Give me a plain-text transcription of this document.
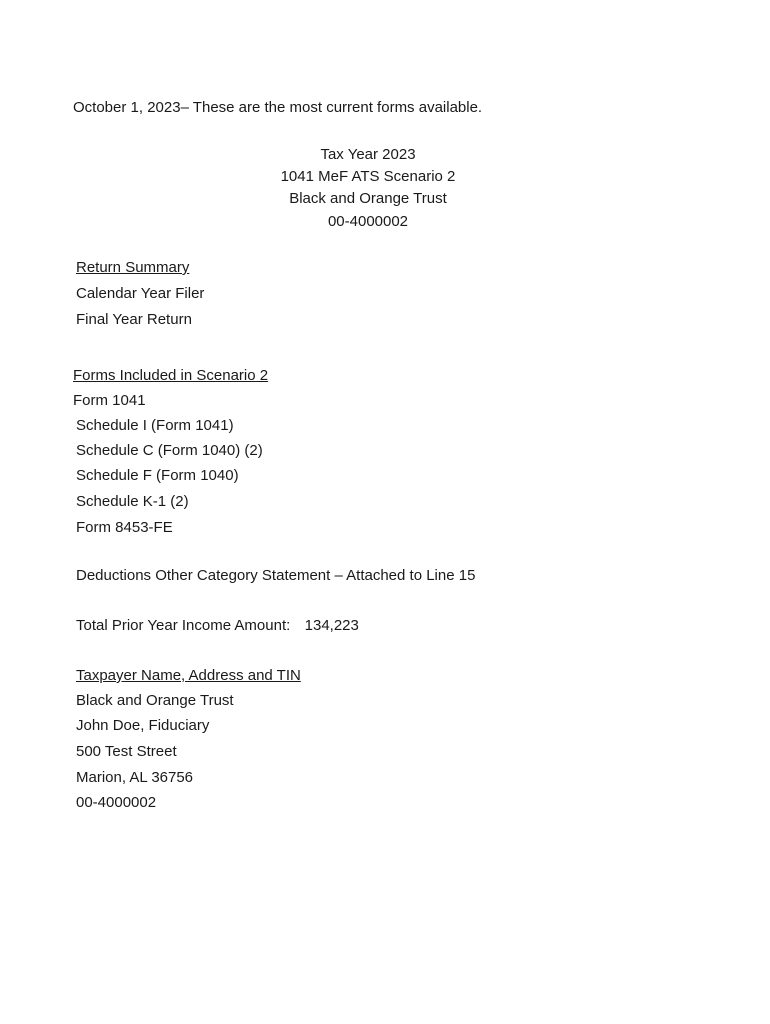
October 1, 2023– These are the most current forms available.
Tax Year 2023
1041 MeF ATS Scenario 2
Black and Orange Trust
00-4000002
Return Summary
Calendar Year Filer
Final Year Return
Forms Included in Scenario 2
Form 1041
Schedule I (Form 1041)
Schedule C (Form 1040) (2)
Schedule F (Form 1040)
Schedule K-1 (2)
Form 8453-FE
Deductions Other Category Statement – Attached to Line 15
Total Prior Year Income Amount: 134,223
Taxpayer Name, Address and TIN
Black and Orange Trust
John Doe, Fiduciary
500 Test Street
Marion, AL 36756
00-4000002
